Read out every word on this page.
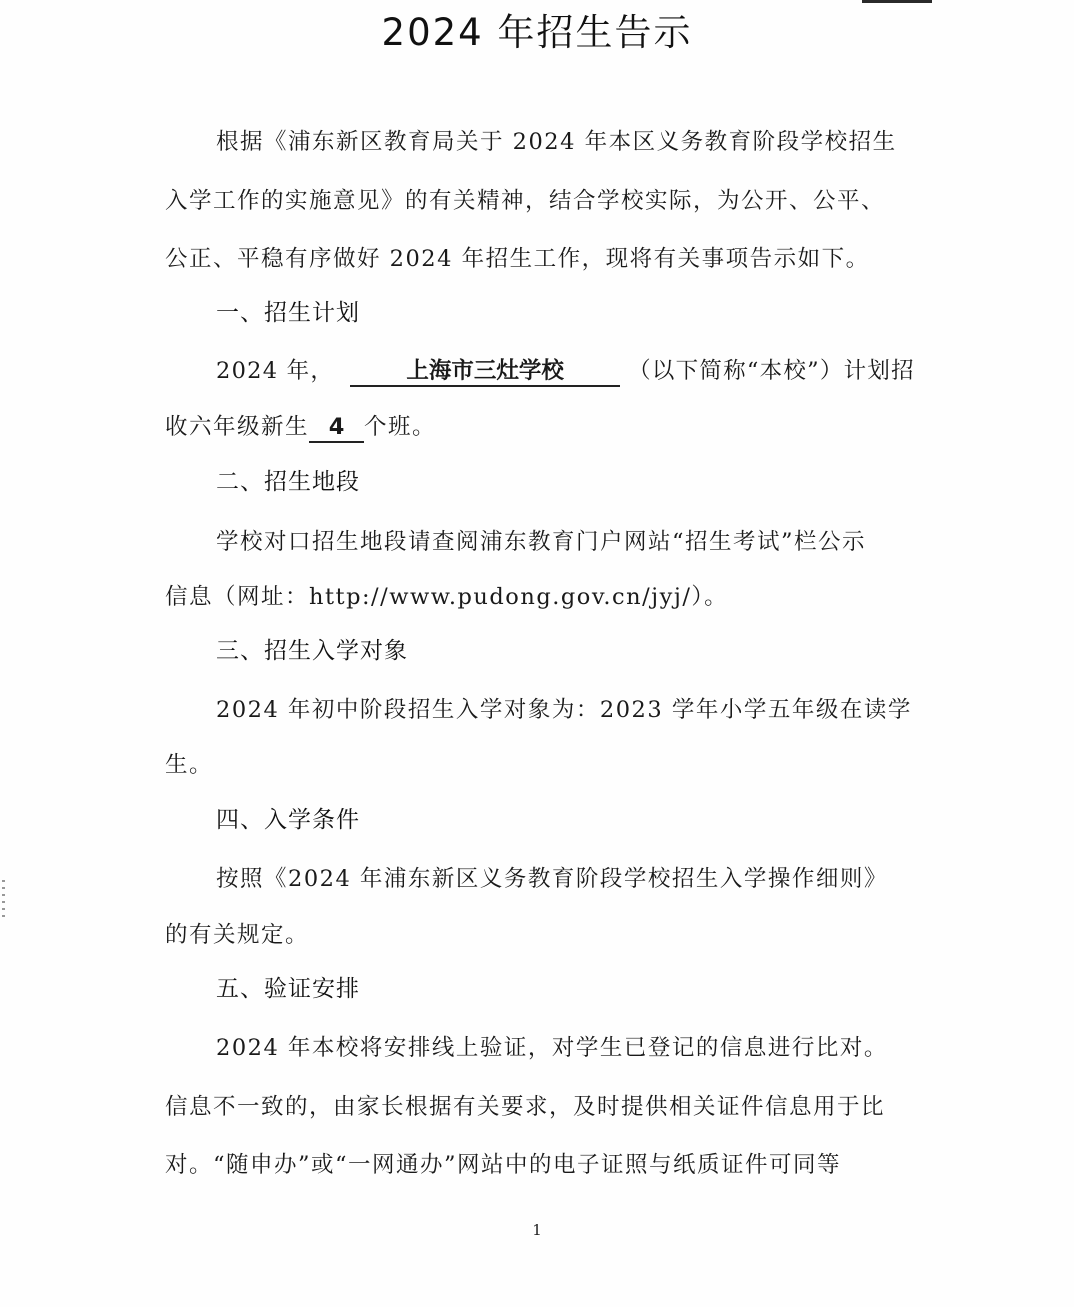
2024 年招生告示
根据《浦东新区教育局关于 2024 年本区义务教育阶段学校招生
入学工作的实施意见》的有关精神，结合学校实际，为公开、公平、
公正、平稳有序做好 2024 年招生工作，现将有关事项告示如下。
一、招生计划
2024 年，	上海市三灶学校	（以下简称“本校”）计划招
收六年级新生 4 个班。
二、招生地段
学校对口招生地段请查阅浦东教育门户网站“招生考试”栏公示
信息（网址：http://www.pudong.gov.cn/jyj/）。
三、招生入学对象
2024 年初中阶段招生入学对象为：2023 学年小学五年级在读学
生。
四、入学条件
按照《2024 年浦东新区义务教育阶段学校招生入学操作细则》
的有关规定。
五、验证安排
2024 年本校将安排线上验证，对学生已登记的信息进行比对。
信息不一致的，由家长根据有关要求，及时提供相关证件信息用于比
对。“随申办”或“一网通办”网站中的电子证照与纸质证件可同等
1
